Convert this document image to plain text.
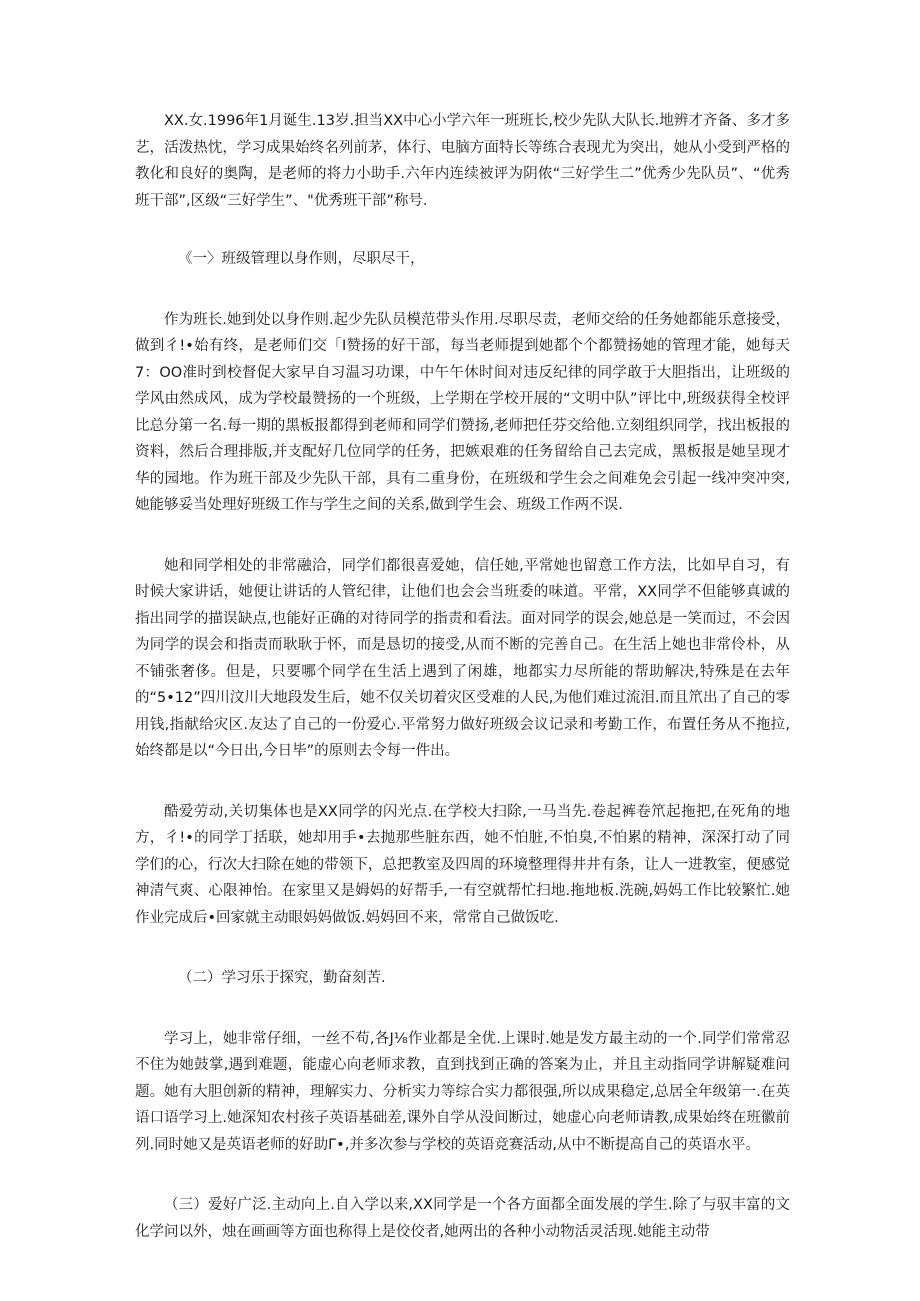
XX.女.1996年1月诞生.13岁.担当XX中心小学六年一班班长,校少先队大队长.地辨才齐备、多才多艺，活泼热忱，学习成果始终名列前茅，体行、电脑方面特长等练合表现尤为突出，她从小受到严格的教化和良好的奥陶，是老师的将力小助手.六年内连续被评为阴侬“三好学生二”优秀少先队员”、“优秀班干部”,区级“三好学生”、"优秀班干部”称号.

《一〉班级管理以身作则，尽职尽干，

作为班长.她到处以身作则.起少先队员模范带头作用.尽职尽责，老师交给的任务她都能乐意接受，做到彳!•始有终，是老师们交「I赞扬的好干部，每当老师提到她都个个都赞扬她的管理才能，她每天7：OO准时到校督促大家早自习温习功课，中午午休时间对违反纪律的同学敢于大胆指出，让班级的学风由然成风，成为学校最赞扬的一个班级，上学期在学校开展的“文明中队”评比中,班级获得全校评比总分第一名.每一期的黑板报都得到老师和同学们赞扬,老师把任芬交给他.立刻组织同学，找出板报的资料，然后合理排版,并支配好几位同学的任务，把嫉艰难的任务留给自己去完成，黑板报是她呈现才华的园地。作为班干部及少先队干部，具有二重身份，在班级和学生会之间难免会引起一线冲突冲突,她能够妥当处理好班级工作与学生之间的关系,做到学生会、班级工作两不误.

她和同学相处的非常融洽，同学们都很喜爱她，信任她,平常她也留意工作方法，比如早自习，有时候大家讲话，她便让讲话的人管纪律，让他们也会会当班委的味道。平常，XX同学不但能够真诚的指出同学的描误缺点,也能好正确的对待同学的指责和看法。面对同学的误会,她总是一笑而过，不会因为同学的误会和指责而耿耿于怀，而是恳切的接受,从而不断的完善自己。在生活上她也非常伶朴，从不铺张奢侈。但是，只要哪个同学在生活上遇到了闲雄，地都实力尽所能的帮助解决,特殊是在去年的“5•12”四川汶川大地段发生后，她不仅关切着灾区受难的人民,为他们难过流泪.而且笊出了自己的零用钱,指献给灾区.友达了自己的一份爱心.平常努力做好班级会议记录和考勤工作，布置任务从不拖拉,始终都是以“今日出,今日毕”的原则去令每一件出。

酷爱劳动,关切集体也是XX同学的闪光点.在学校大扫除,一马当先.卷起裤卷笊起拖把,在死角的地方，彳!•的同学丁括联，她却用手•去抛那些脏东西，她不怕脏,不怕臭,不怕累的精神，深深打动了同学们的心，行次大扫除在她的带领下，总把教室及四周的环境整理得井井有条，让人一进教室，便感觉神清气爽、心限神怡。在家里又是姆妈的好帮手,一有空就帮忙扫地.拖地板.洗碗,妈妈工作比较繁忙.她作业完成后•回家就主动眼妈妈做饭.妈妈回不来，常常自己做饭吃.

（二）学习乐于探究，勤奋刻苦.

学习上，她非常仔细，一丝不苟,各J⅛作业都是全优.上课时.她是发方最主动的一个.同学们常常忍不住为她鼓掌,遇到难题，能虚心向老师求教，直到找到正确的答案为止，并且主动指同学讲解疑难问题。她有大胆创新的精神，理解实力、分析实力等综合实力都很强,所以成果稳定,总居全年级第一.在英语口语学习上.她深知农村孩子英语基础差,课外自学从没间断过，她虚心向老师请教,成果始终在班徽前列.同时她又是英语老师的好助Γ•,并多次参与学校的英语竞赛活动,从中不断提高自己的英语水平。

（三）爱好广泛.主动向上.自入学以来,XX同学是一个各方面都全面发展的学生.除了与驭丰富的文化学问以外，烛在画画等方面也称得上是佼佼者,她两出的各种小动物活灵活现.她能主动带
